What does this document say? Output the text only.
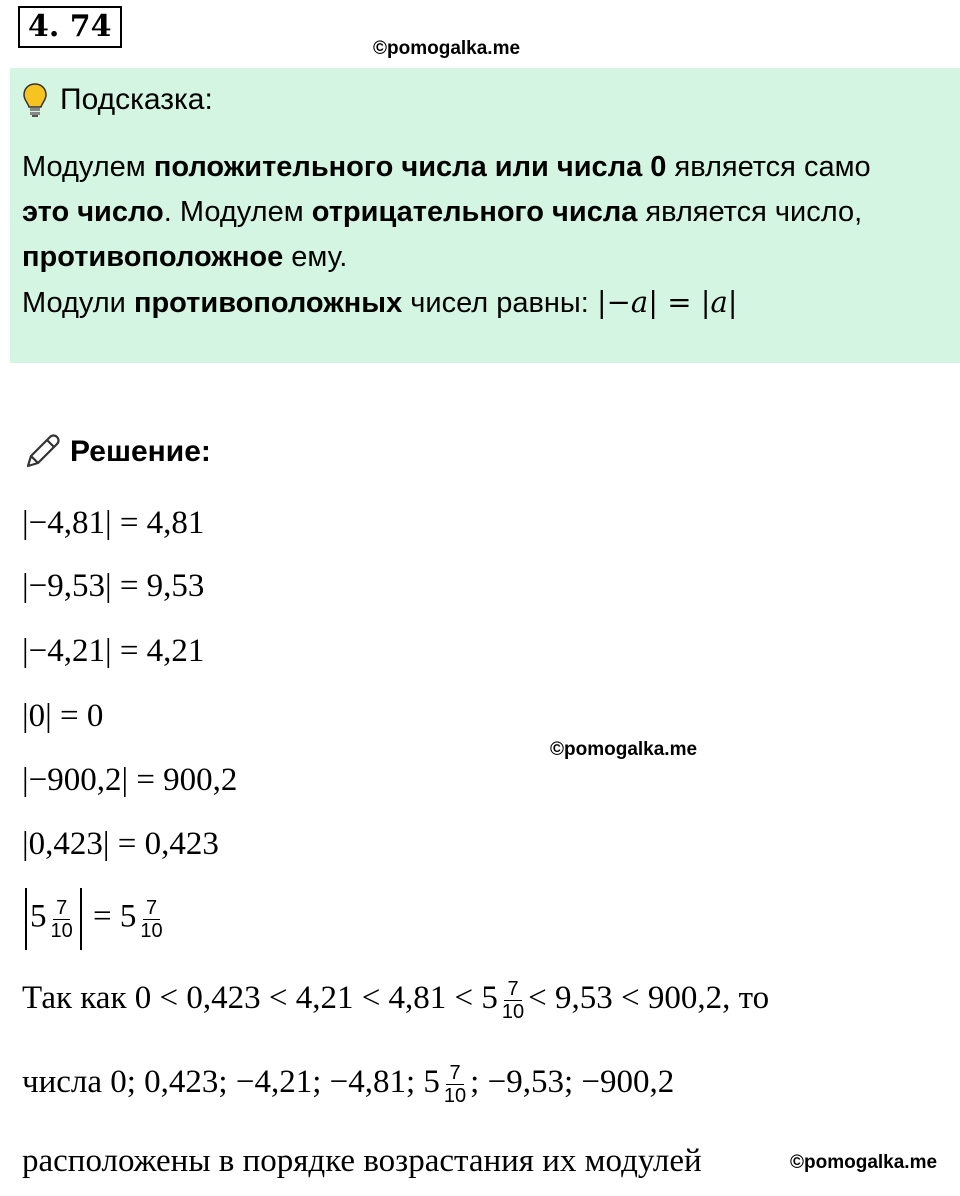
4. 74
©pomogalka.me
Подсказка:
Модулем положительного числа или числа 0 является само
это число. Модулем отрицательного числа является число,
противоположное ему.
Модули противоположных чисел равны: |−a| = |a|
Решение:
|−4,81| = 4,81
|−9,53| = 9,53
|−4,21| = 4,21
|0| = 0
©pomogalka.me
|−900,2| = 900,2
|0,423| = 0,423
$5 \frac{7}{10} = 5 \frac{7}{10}$
Так как $0 < 0,423 < 4,21 < 4,81 < 5 \frac{7}{10} < 9,53 < 900,2$, то
числа 0; 0,423; −4,21; −4,81; $5 \frac{7}{10}$ ; −9,53; −900,2
расположены в порядке возрастания их модулей	©pomogalka.me
